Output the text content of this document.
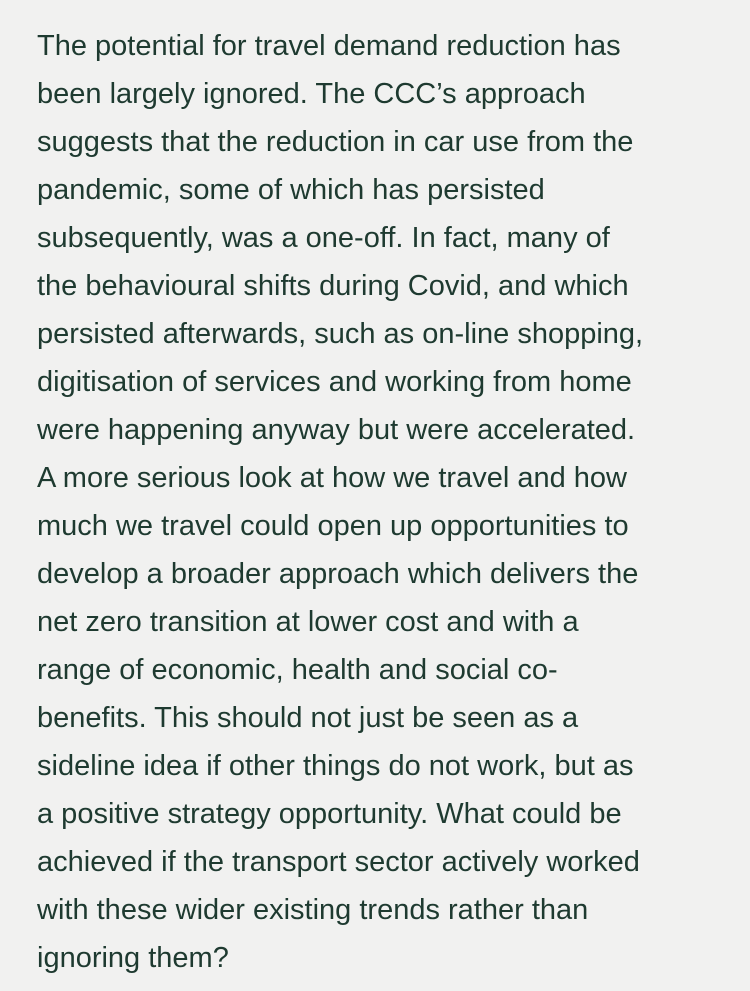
The potential for travel demand reduction has
been largely ignored. The CCC’s approach
suggests that the reduction in car use from the
pandemic, some of which has persisted
subsequently, was a one-off. In fact, many of
the behavioural shifts during Covid, and which
persisted afterwards, such as on-line shopping,
digitisation of services and working from home
were happening anyway but were accelerated.
A more serious look at how we travel and how
much we travel could open up opportunities to
develop a broader approach which delivers the
net zero transition at lower cost and with a
range of economic, health and social co-
benefits. This should not just be seen as a
sideline idea if other things do not work, but as
a positive strategy opportunity. What could be
achieved if the transport sector actively worked
with these wider existing trends rather than
ignoring them?
